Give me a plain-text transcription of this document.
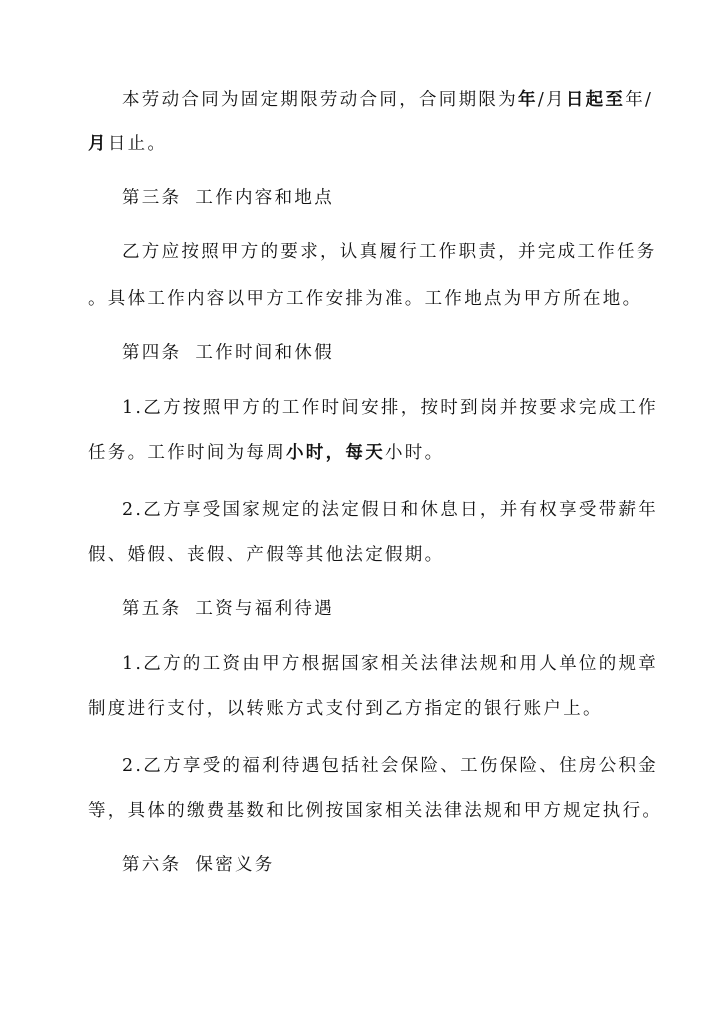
本劳动合同为固定期限劳动合同，合同期限为年/月日起至年/
月日止。
第三条 工作内容和地点
乙方应按照甲方的要求，认真履行工作职责，并完成工作任务
。具体工作内容以甲方工作安排为准。工作地点为甲方所在地。
第四条 工作时间和休假
1.乙方按照甲方的工作时间安排，按时到岗并按要求完成工作
任务。工作时间为每周小时，每天小时。
2.乙方享受国家规定的法定假日和休息日，并有权享受带薪年
假、婚假、丧假、产假等其他法定假期。
第五条 工资与福利待遇
1.乙方的工资由甲方根据国家相关法律法规和用人单位的规章
制度进行支付，以转账方式支付到乙方指定的银行账户上。
2.乙方享受的福利待遇包括社会保险、工伤保险、住房公积金
等，具体的缴费基数和比例按国家相关法律法规和甲方规定执行。
第六条 保密义务
